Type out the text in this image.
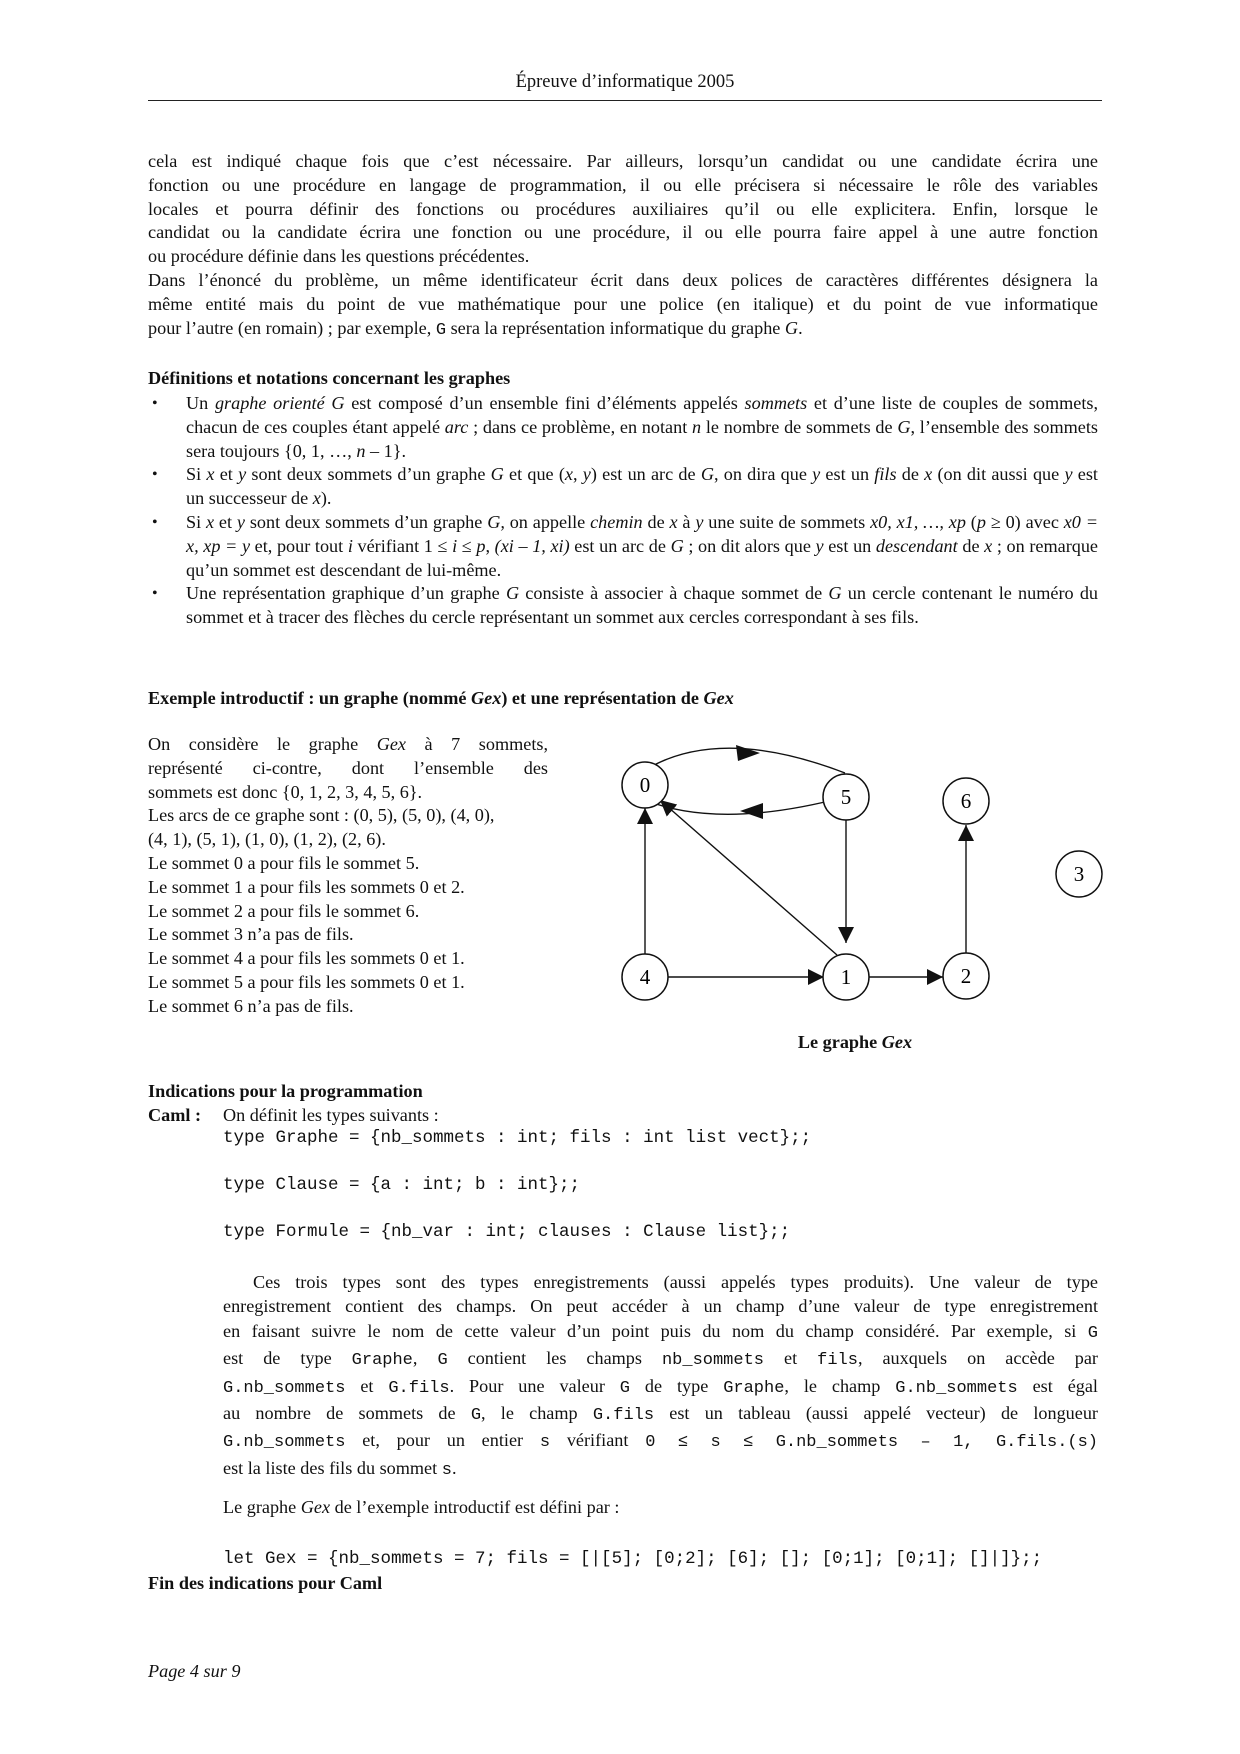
Épreuve d’informatique 2005
cela est indiqué chaque fois que c’est nécessaire. Par ailleurs, lorsqu’un candidat ou une candidate écrira une
fonction ou une procédure en langage de programmation, il ou elle précisera si nécessaire le rôle des variables
locales et pourra définir des fonctions ou procédures auxiliaires qu’il ou elle explicitera. Enfin, lorsque le
candidat ou la candidate écrira une fonction ou une procédure, il ou elle pourra faire appel à une autre fonction
ou procédure définie dans les questions précédentes.
Dans l’énoncé du problème, un même identificateur écrit dans deux polices de caractères différentes désignera la
même entité mais du point de vue mathématique pour une police (en italique) et du point de vue informatique
pour l’autre (en romain) ; par exemple, G sera la représentation informatique du graphe G.
Définitions et notations concernant les graphes
• Un graphe orienté G est composé d’un ensemble fini d’éléments appelés sommets et d’une liste de couples de sommets, chacun de ces couples étant appelé arc ; dans ce problème, en notant n le nombre de sommets de G, l’ensemble des sommets sera toujours {0, 1, …, n – 1}.
• Si x et y sont deux sommets d’un graphe G et que (x, y) est un arc de G, on dira que y est un fils de x (on dit aussi que y est un successeur de x).
• Si x et y sont deux sommets d’un graphe G, on appelle chemin de x à y une suite de sommets x0, x1, …, xp (p ≥ 0) avec x0 = x, xp = y et, pour tout i vérifiant 1 ≤ i ≤ p, (xi – 1, xi) est un arc de G ; on dit alors que y est un descendant de x ; on remarque qu’un sommet est descendant de lui-même.
• Une représentation graphique d’un graphe G consiste à associer à chaque sommet de G un cercle contenant le numéro du sommet et à tracer des flèches du cercle représentant un sommet aux cercles correspondant à ses fils.
Exemple introductif : un graphe (nommé Gex) et une représentation de Gex
On considère le graphe Gex à 7 sommets,
représenté ci-contre, dont l’ensemble des
sommets est donc {0, 1, 2, 3, 4, 5, 6}.
Les arcs de ce graphe sont : (0, 5), (5, 0), (4, 0),
(4, 1), (5, 1), (1, 0), (1, 2), (2, 6).
Le sommet 0 a pour fils le sommet 5.
Le sommet 1 a pour fils les sommets 0 et 2.
Le sommet 2 a pour fils le sommet 6.
Le sommet 3 n’a pas de fils.
Le sommet 4 a pour fils les sommets 0 et 1.
Le sommet 5 a pour fils les sommets 0 et 1.
Le sommet 6 n’a pas de fils.
0	5	6
3
4	1	2
Le graphe Gex
Indications pour la programmation
Caml : On définit les types suivants :
type Graphe = {nb_sommets : int; fils : int list vect};;
type Clause = {a : int; b : int};;
type Formule = {nb_var : int; clauses : Clause list};;
Ces trois types sont des types enregistrements (aussi appelés types produits). Une valeur de type
enregistrement contient des champs. On peut accéder à un champ d’une valeur de type enregistrement
en faisant suivre le nom de cette valeur d’un point puis du nom du champ considéré. Par exemple, si G
est de type Graphe, G contient les champs nb_sommets et fils, auxquels on accède par
G.nb_sommets et G.fils. Pour une valeur G de type Graphe, le champ G.nb_sommets est égal
au nombre de sommets de G, le champ G.fils est un tableau (aussi appelé vecteur) de longueur
G.nb_sommets et, pour un entier s vérifiant 0 ≤ s ≤ G.nb_sommets – 1, G.fils.(s)
est la liste des fils du sommet s.
Le graphe Gex de l’exemple introductif est défini par :
let Gex = {nb_sommets = 7; fils = [|[5]; [0;2]; [6]; []; [0;1]; [0;1]; []|]};;
Fin des indications pour Caml
Page 4 sur 9
